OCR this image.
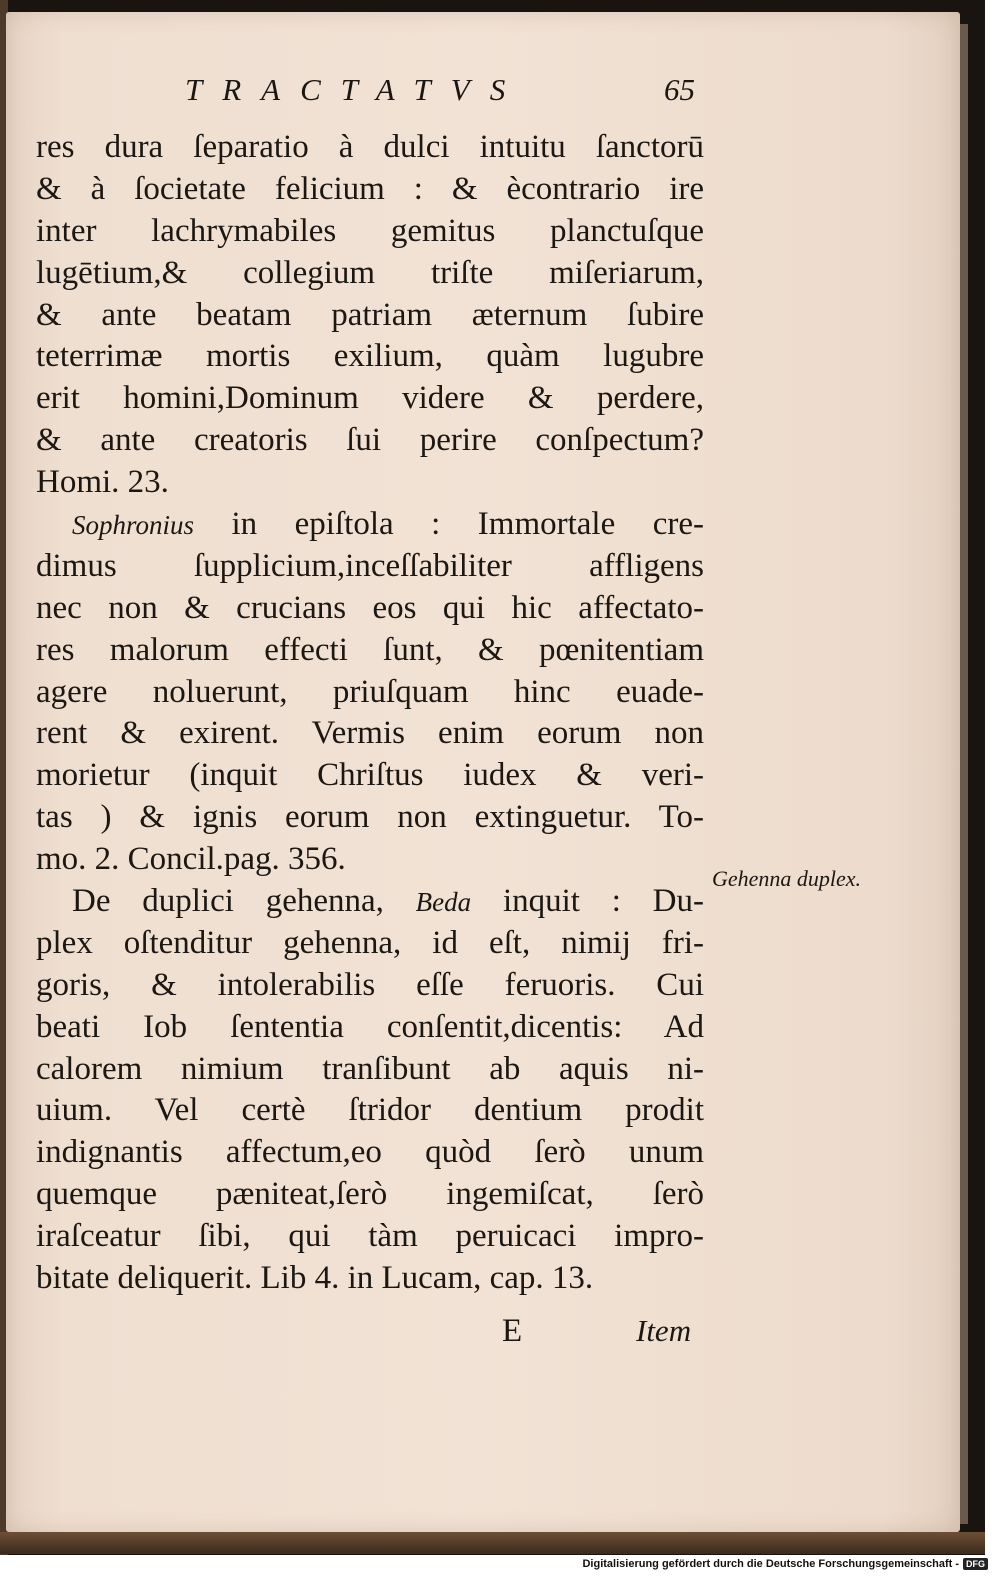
TRACTATVS	65
res dura ſeparatio à dulci intuitu ſanctorū
& à ſocietate felicium : & ècontrario ire
inter lachrymabiles gemitus planctuſque
lugētium,& collegium triſte miſeriarum,
& ante beatam patriam æternum ſubire
teterrimæ mortis exilium, quàm lugubre
erit homini,Dominum videre & perdere,
& ante creatoris ſui perire conſpectum?
Homi. 23.
Sophronius in epiſtola : Immortale cre-
dimus ſupplicium,inceſſabiliter affligens
nec non & crucians eos qui hic affectato-
res malorum effecti ſunt, & pœnitentiam
agere noluerunt, priuſquam hinc euade-
rent & exirent. Vermis enim eorum non
morietur (inquit Chriſtus iudex & veri-
tas ) & ignis eorum non extinguetur. To-
mo. 2. Concil.pag. 356.
De duplici gehenna, Beda inquit : Du-
plex oſtenditur gehenna, id eſt, nimij fri-
goris, & intolerabilis eſſe feruoris. Cui
beati Iob ſententia conſentit,dicentis: Ad
calorem nimium tranſibunt ab aquis ni-
uium. Vel certè ſtridor dentium prodit
indignantis affectum,eo quòd ſerò unum
quemque pæniteat,ſerò ingemiſcat, ſerò
iraſceatur ſibi, qui tàm peruicaci impro-
bitate deliquerit. Lib 4. in Lucam, cap. 13.
Gehenna duplex.
E	Item
Digitalisierung gefördert durch die Deutsche Forschungsgemeinschaft - DFG
